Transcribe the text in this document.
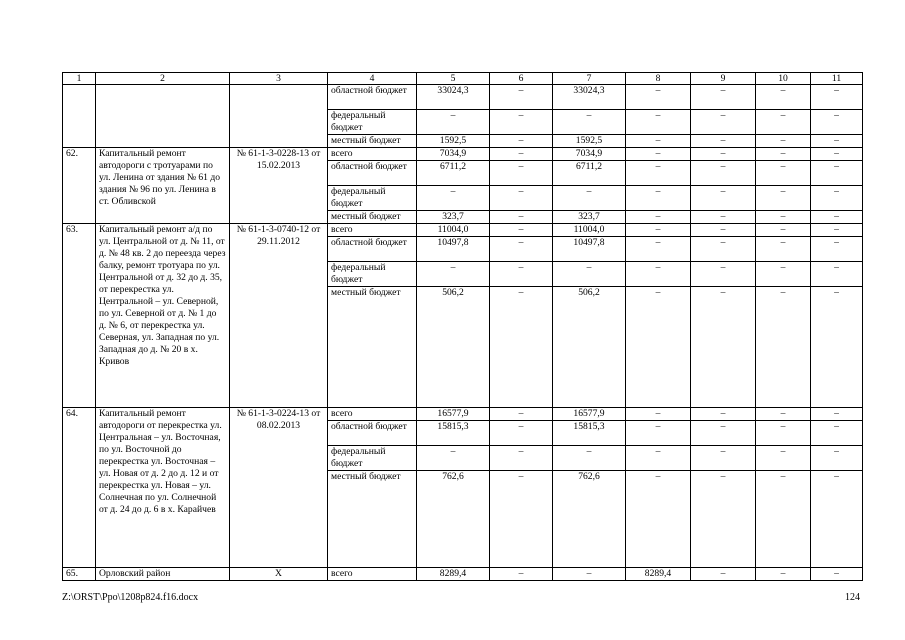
1	2	3	4	5	6	7	8	9	10	11
			областной бюджет	33024,3	–	33024,3	–	–	–	–
			федеральный бюджет	–	–	–	–	–	–	–
			местный бюджет	1592,5	–	1592,5	–	–	–	–
62.	Капитальный ремонт автодороги с тротуарами по ул. Ленина от здания № 61 до здания № 96 по ул. Ленина в ст. Обливской	№ 61-1-3-0228-13 от 15.02.2013	всего	7034,9	–	7034,9	–	–	–	–
			областной бюджет	6711,2	–	6711,2	–	–	–	–
			федеральный бюджет	–	–	–	–	–	–	–
			местный бюджет	323,7	–	323,7	–	–	–	–
63.	Капитальный ремонт а/д по ул. Центральной от д. № 11, от д. № 48 кв. 2 до переезда через балку, ремонт тротуара по ул. Центральной от д. 32 до д. 35, от перекрестка ул. Центральной – ул. Северной, по ул. Северной от д. № 1 до д. № 6, от перекрестка ул. Северная, ул. Западная по ул. Западная до д. № 20 в х. Кривов	№ 61-1-3-0740-12 от 29.11.2012	всего	11004,0	–	11004,0	–	–	–	–
			областной бюджет	10497,8	–	10497,8	–	–	–	–
			федеральный бюджет	–	–	–	–	–	–	–
			местный бюджет	506,2	–	506,2	–	–	–	–
64.	Капитальный ремонт автодороги от перекрестка ул. Центральная – ул. Восточная, по ул. Восточной до перекрестка ул. Восточная – ул. Новая от д. 2 до д. 12 и от перекрестка ул. Новая – ул. Солнечная по ул. Солнечной от д. 24 до д. 6 в х. Карайчев	№ 61-1-3-0224-13 от 08.02.2013	всего	16577,9	–	16577,9	–	–	–	–
			областной бюджет	15815,3	–	15815,3	–	–	–	–
			федеральный бюджет	–	–	–	–	–	–	–
			местный бюджет	762,6	–	762,6	–	–	–	–
65.	Орловский район	Х	всего	8289,4	–	–	8289,4	–	–	–
Z:\ORST\Ppo\1208p824.f16.docx	124
